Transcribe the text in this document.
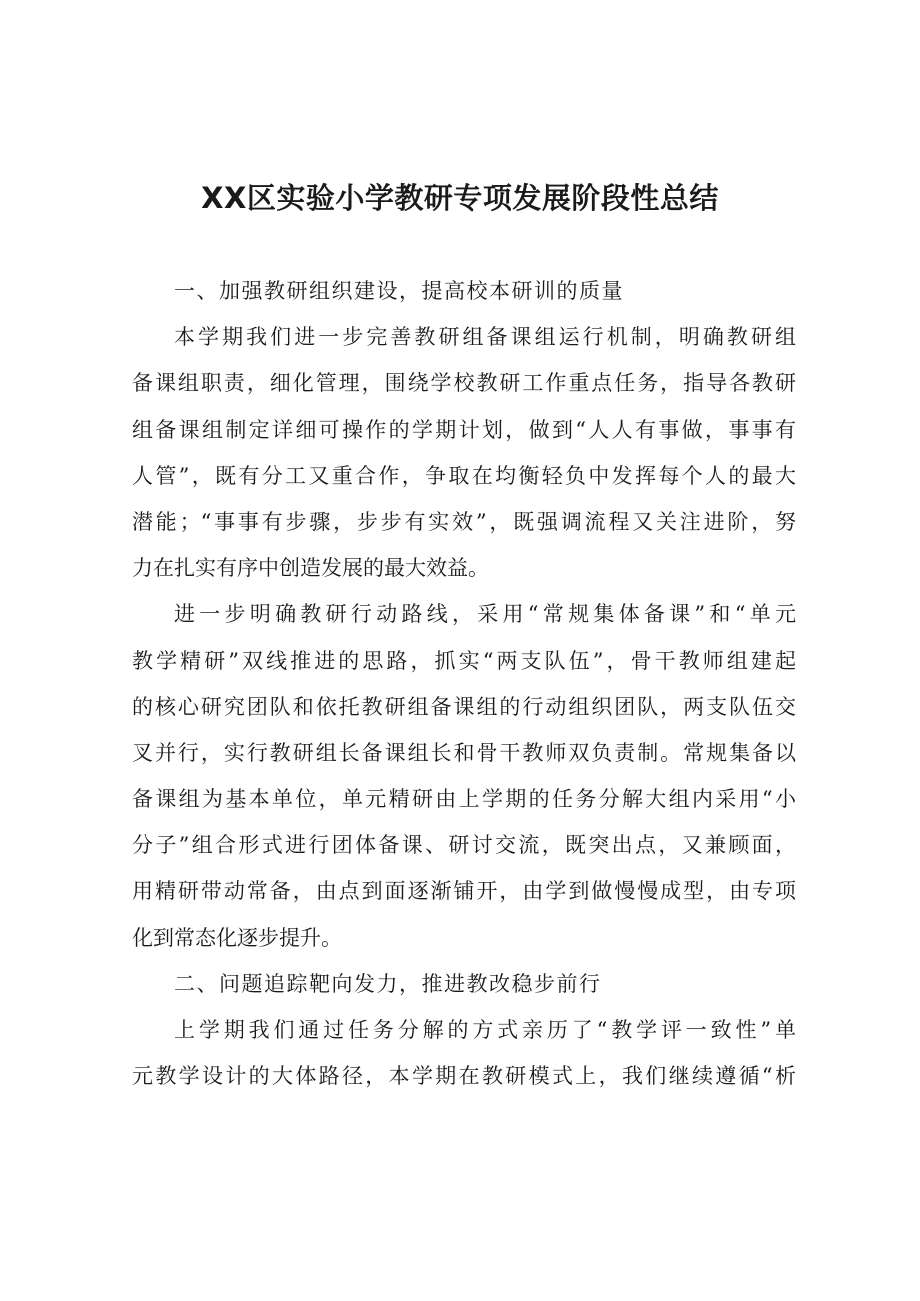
XX区实验小学教研专项发展阶段性总结

一、加强教研组织建设，提高校本研训的质量

本学期我们进一步完善教研组备课组运行机制，明确教研组
备课组职责，细化管理，围绕学校教研工作重点任务，指导各教研
组备课组制定详细可操作的学期计划，做到“人人有事做，事事有
人管”，既有分工又重合作，争取在均衡轻负中发挥每个人的最大
潜能；“事事有步骤，步步有实效”，既强调流程又关注进阶，努
力在扎实有序中创造发展的最大效益。
进一步明确教研行动路线，采用“常规集体备课”和“单元
教学精研”双线推进的思路，抓实“两支队伍”，骨干教师组建起
的核心研究团队和依托教研组备课组的行动组织团队，两支队伍交
叉并行，实行教研组长备课组长和骨干教师双负责制。常规集备以
备课组为基本单位，单元精研由上学期的任务分解大组内采用“小
分子”组合形式进行团体备课、研讨交流，既突出点，又兼顾面，
用精研带动常备，由点到面逐渐铺开，由学到做慢慢成型，由专项
化到常态化逐步提升。

二、问题追踪靶向发力，推进教改稳步前行

上学期我们通过任务分解的方式亲历了“教学评一致性”单
元教学设计的大体路径，本学期在教研模式上，我们继续遵循“析
